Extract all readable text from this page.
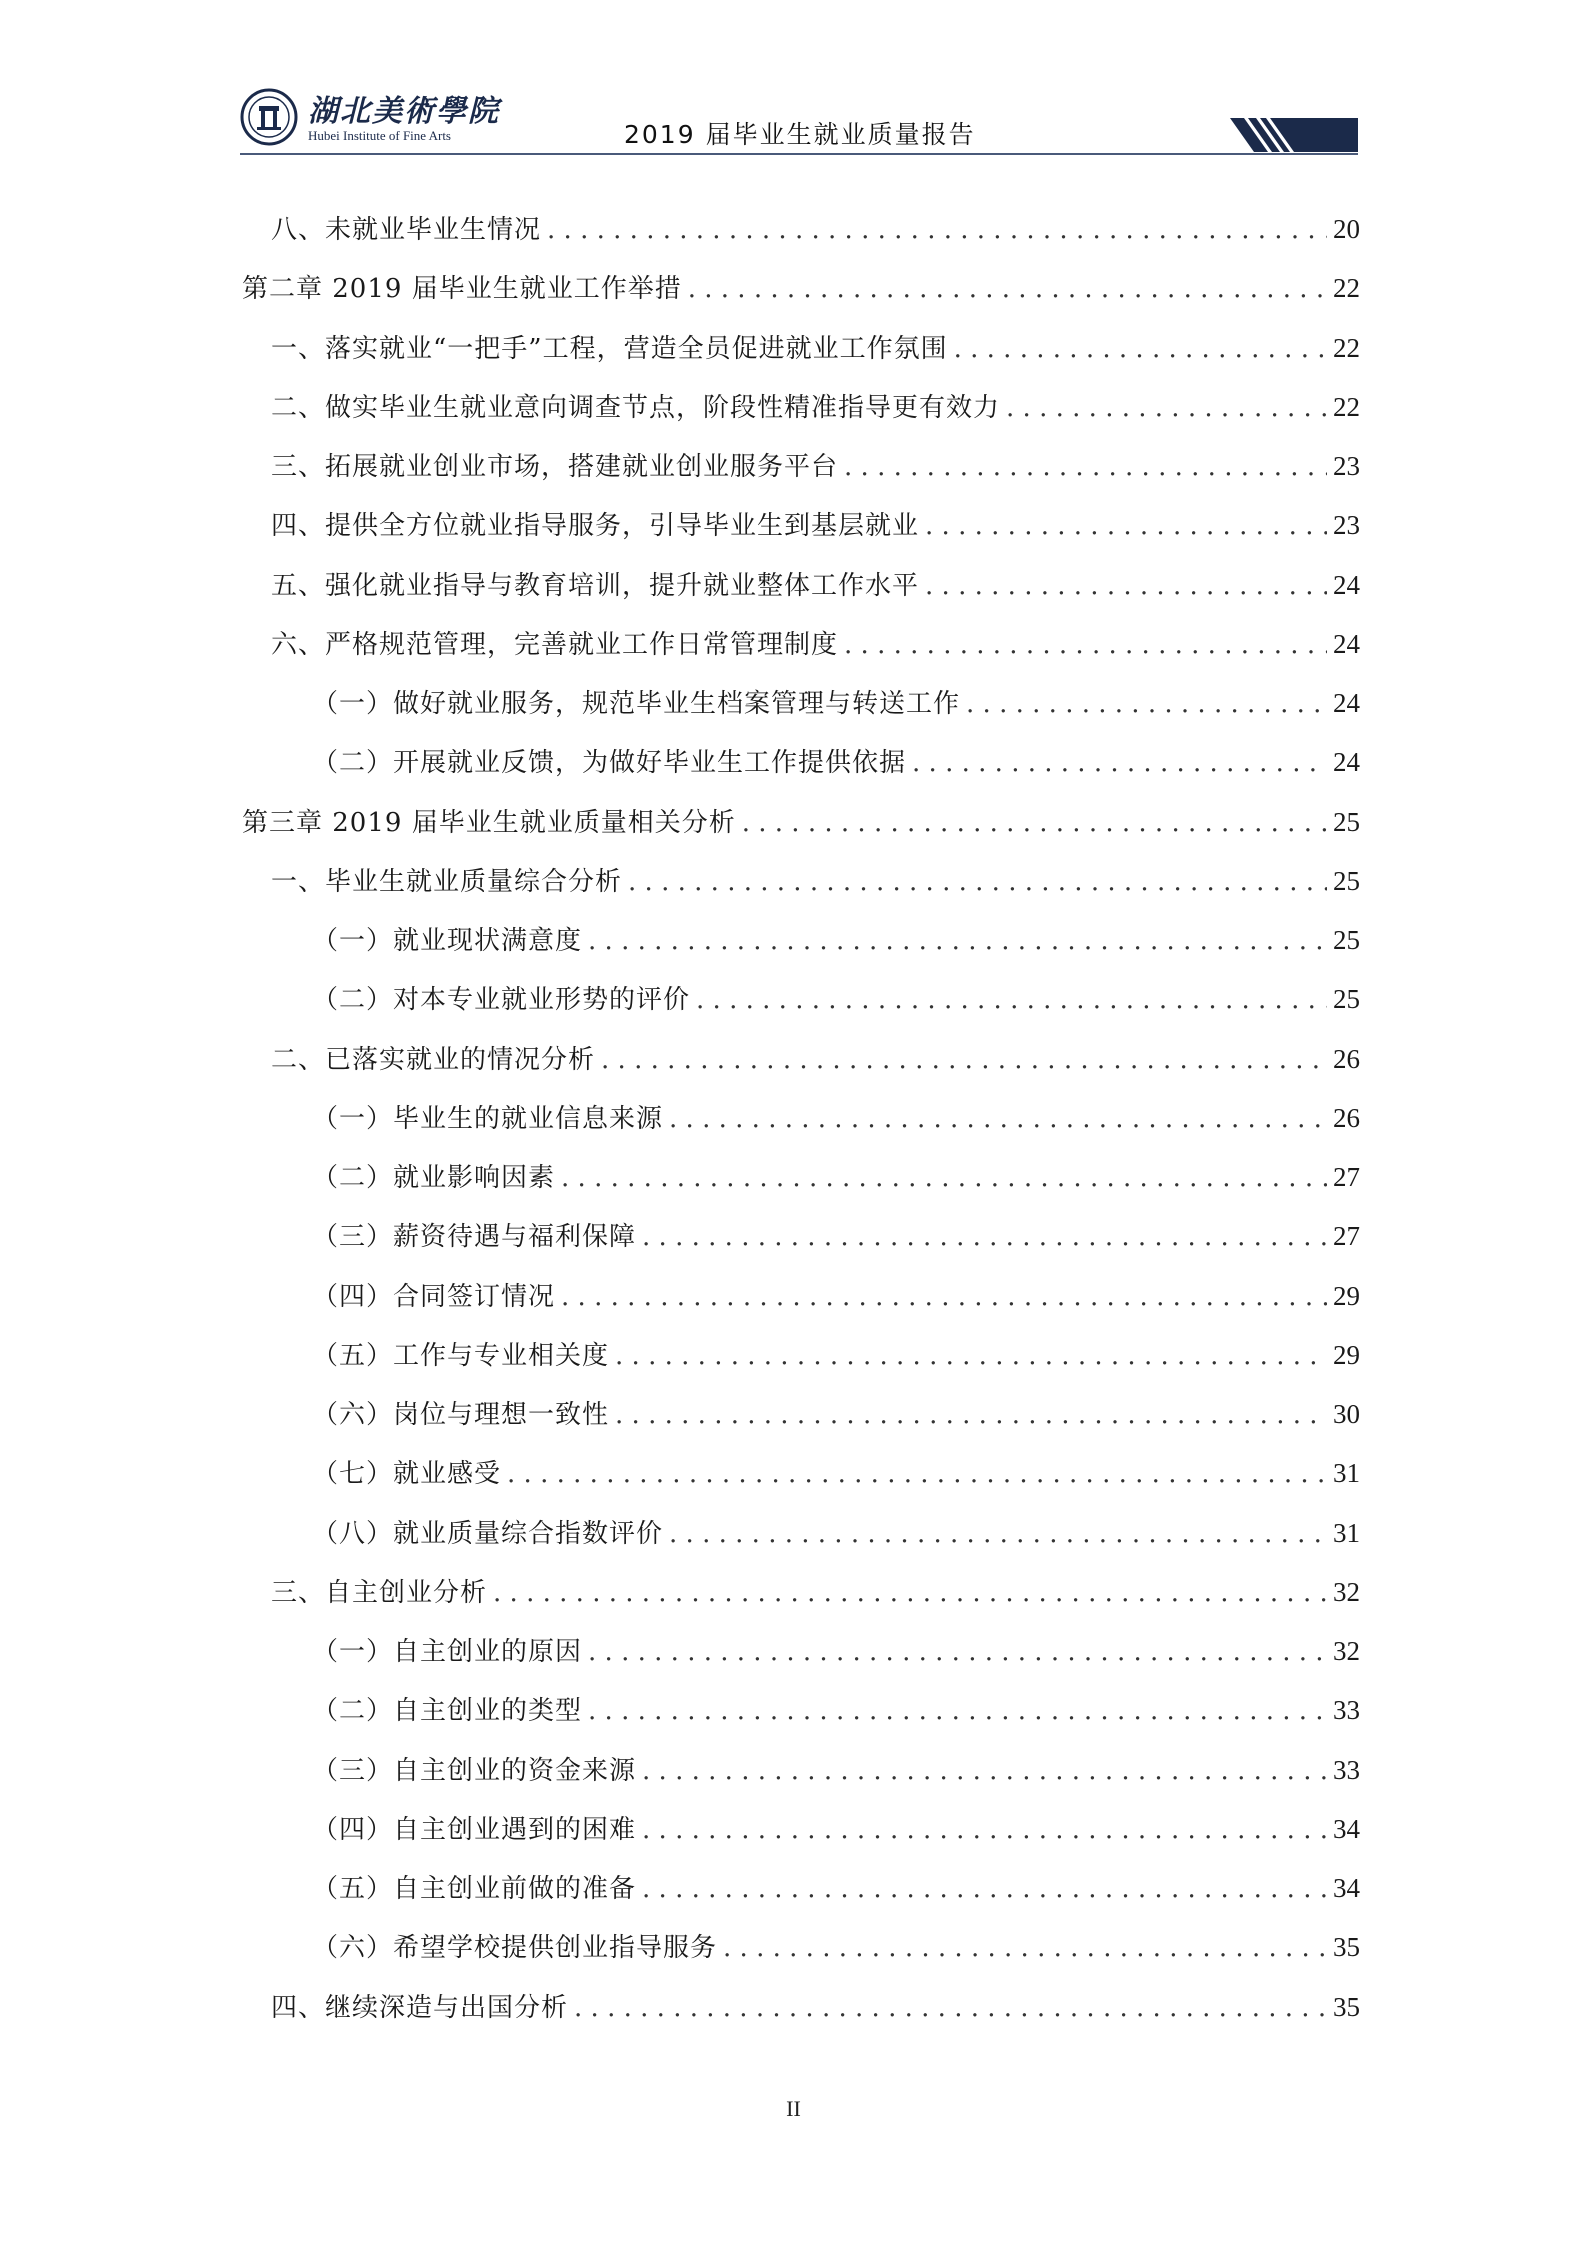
湖北美術學院
Hubei Institute of Fine Arts	2019 届毕业生就业质量报告
八、未就业毕业生情况 . . .	20
第二章 2019 届毕业生就业工作举措 . . .	22
一、落实就业“一把手”工程，营造全员促进就业工作氛围 . . .	22
二、做实毕业生就业意向调查节点，阶段性精准指导更有效力 . . .	22
三、拓展就业创业市场，搭建就业创业服务平台 . . .	23
四、提供全方位就业指导服务，引导毕业生到基层就业 . . .	23
五、强化就业指导与教育培训，提升就业整体工作水平 . . .	24
六、严格规范管理，完善就业工作日常管理制度 . . .	24
（一）做好就业服务，规范毕业生档案管理与转送工作 . . .	24
（二）开展就业反馈，为做好毕业生工作提供依据 . . .	24
第三章 2019 届毕业生就业质量相关分析 . . .	25
一、毕业生就业质量综合分析 . . .	25
（一）就业现状满意度 . . .	25
（二）对本专业就业形势的评价 . . .	25
二、已落实就业的情况分析 . . .	26
（一）毕业生的就业信息来源 . . .	26
（二）就业影响因素 . . .	27
（三）薪资待遇与福利保障 . . .	27
（四）合同签订情况 . . .	29
（五）工作与专业相关度 . . .	29
（六）岗位与理想一致性 . . .	30
（七）就业感受 . . .	31
（八）就业质量综合指数评价 . . .	31
三、自主创业分析 . . .	32
（一）自主创业的原因 . . .	32
（二）自主创业的类型 . . .	33
（三）自主创业的资金来源 . . .	33
（四）自主创业遇到的困难 . . .	34
（五）自主创业前做的准备 . . .	34
（六）希望学校提供创业指导服务 . . .	35
四、继续深造与出国分析 . . .	35
II
